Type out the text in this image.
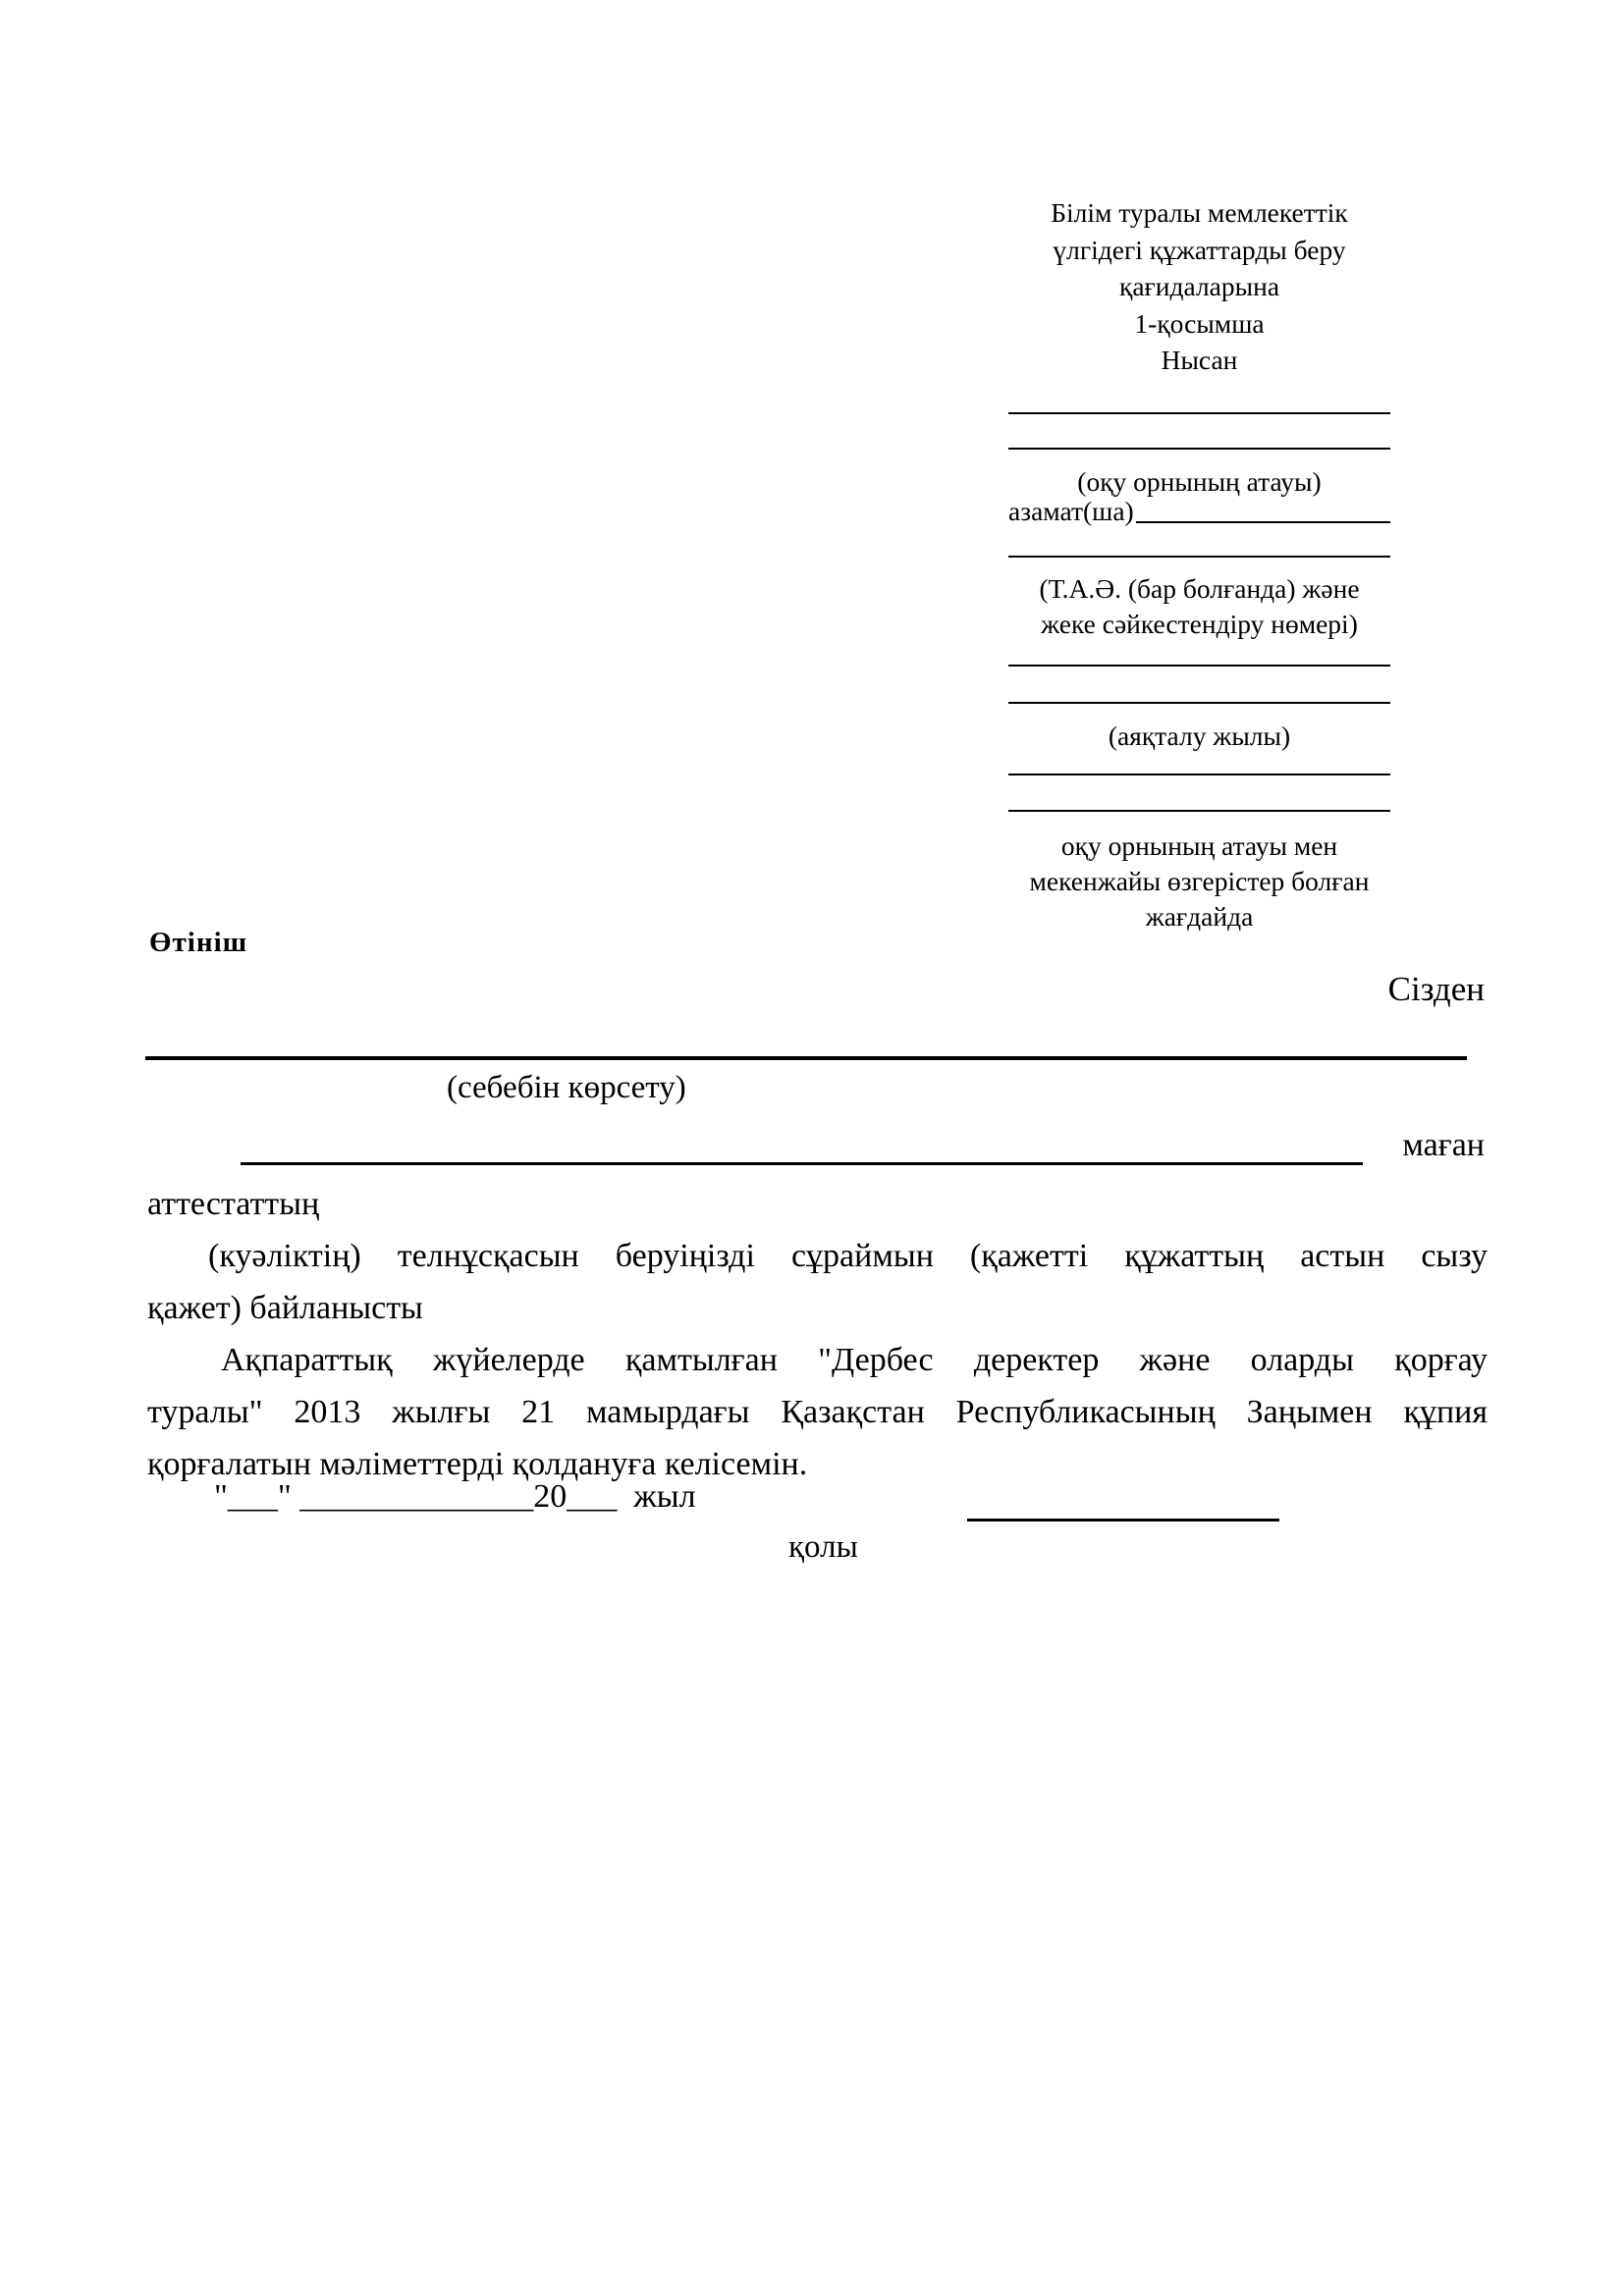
Білім туралы мемлекеттік
үлгідегі құжаттарды беру
қағидаларына
1-қосымша
Нысан
(оқу орнының атауы)
азамат(ша)
(Т.А.Ә. (бар болғанда) және
жеке сәйкестендіру нөмері)
(аяқталу жылы)
оқу орнының атауы мен
мекенжайы өзгерістер болған
жағдайда
Өтініш
Сізден
(себебін көрсету)
маған
аттестаттың
(куәліктің) телнұсқасын беруіңізді сұраймын (қажетті құжаттың астын сызу
қажет) байланысты
Ақпараттық жүйелерде қамтылған "Дербес деректер және оларды қорғау
туралы" 2013 жылғы 21 мамырдағы Қазақстан Республикасының Заңымен құпия
қорғалатын мәліметтерді қолдануға келісемін.
"___" ______________20___  жыл
қолы
